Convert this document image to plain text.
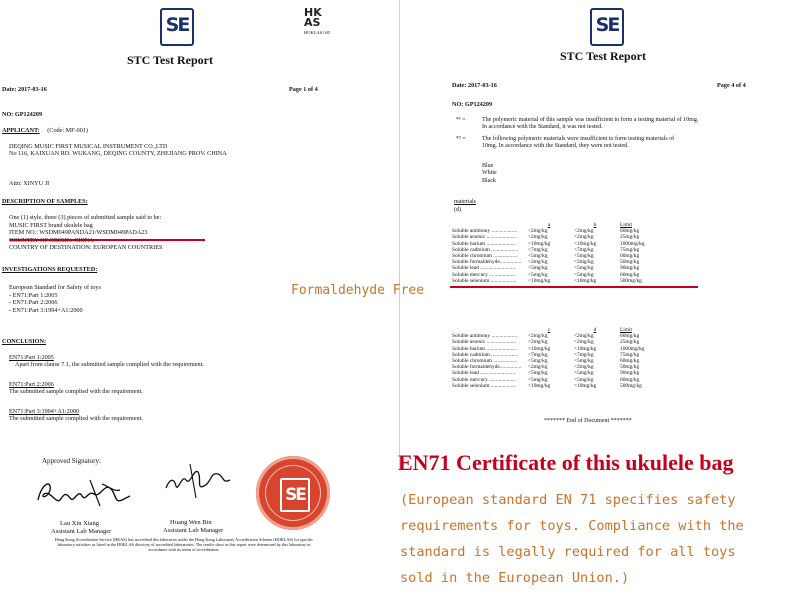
SE
HK
AS
HOKLAS 045
STC Test Report
Date: 2017-03-16	Page 1 of 4
NO: GP124209
APPLICANT: (Code: MF-001)
DEQING MUSIC FIRST MUSICAL INSTRUMENT CO.,LTD
No 116, KAIXUAN RD. WUKANG, DEQING COUNTY, ZHEJIANG PROV. CHINA
Attn: XINYU JI
DESCRIPTION OF SAMPLES:
One (1) style, three (3) pieces of submitted sample said to be:
MUSIC FIRST brand ukulele bag
ITEM NO.: WSDM049PANDA21/WSDM049PADA23
COUNTRY OF DESTINATION: EUROPEAN COUNTRIES
INVESTIGATIONS REQUESTED:
European Standard for Safety of toys
- EN71:Part 1:2005
- EN71:Part 2:2006
- EN71:Part 3:1994+A1:2000
CONCLUSION:
EN71:Part 1:2005
Apart from clause 7.1, the submitted sample complied with the requirement.
EN71:Part 2:2006
The submitted sample complied with the requirement.
EN71:Part 3:1994+A1:2000
The submitted sample complied with the requirement.
Approved Signatory:
Lau Xin Xiang
Assistant Lab Manager
Huang Wen Bin
Assistant Lab Manager
SE
Hong Kong Accreditation Service (HKAS) has accredited this laboratory under the Hong Kong Laboratory Accreditation Scheme (HOKLAS) for specific
laboratory activities as listed in the HOKLAS directory of accredited laboratories. The results show in this report were determined by this laboratory in
accordance with its terms of accreditation.
SE
STC Test Report
Date: 2017-03-16	Page 4 of 4
NO: GP124209
*¹ =	The polymeric material of this sample was insufficient to form a testing material of 10mg.
In accordance with the Standard, it was not tested.
*² =	The following polymeric materials were insufficient to form testing materials of
10mg. In accordance with the Standard, they were not tested.
Blue
White
Black
materials
(d)
	a	b	Limit
Soluble antimony ...................	<2mg/kg	<2mg/kg	60mg/kg
Soluble arsenic ......................	<2mg/kg	<2mg/kg	25mg/kg
Soluble barium ......................	<10mg/kg	<10mg/kg	1000mg/kg
Soluble cadmium ....................	<7mg/kg	<7mg/kg	75mg/kg
Soluble chromium ..................	<5mg/kg	<5mg/kg	60mg/kg
Soluble formaldehyde................	<2mg/kg	<2mg/kg	50mg/kg
Soluble lead ..........................	<5mg/kg	<5mg/kg	90mg/kg
Soluble mercury ....................	<5mg/kg	<5mg/kg	60mg/kg
Soluble selenium ...................	<10mg/kg	<10mg/kg	500mg/kg
	c	d	Limit
Soluble antimony ...................	<2mg/kg	<2mg/kg	60mg/kg
Soluble arsenic ......................	<2mg/kg	<2mg/kg	25mg/kg
Soluble barium ......................	<10mg/kg	<10mg/kg	1000mg/kg
Soluble cadmium ....................	<7mg/kg	<7mg/kg	75mg/kg
Soluble chromium ..................	<5mg/kg	<5mg/kg	60mg/kg
Soluble formaldehyde................	<2mg/kg	<2mg/kg	50mg/kg
Soluble lead ..........................	<5mg/kg	<5mg/kg	90mg/kg
Soluble mercury ....................	<5mg/kg	<5mg/kg	60mg/kg
Soluble selenium ...................	<10mg/kg	<10mg/kg	500mg/kg
******* End of Document *******
Formaldehyde Free
EN71 Certificate of this ukulele bag
(European standard EN 71 specifies safety
requirements for toys. Compliance with the
standard is legally required for all toys
sold in the European Union.)
